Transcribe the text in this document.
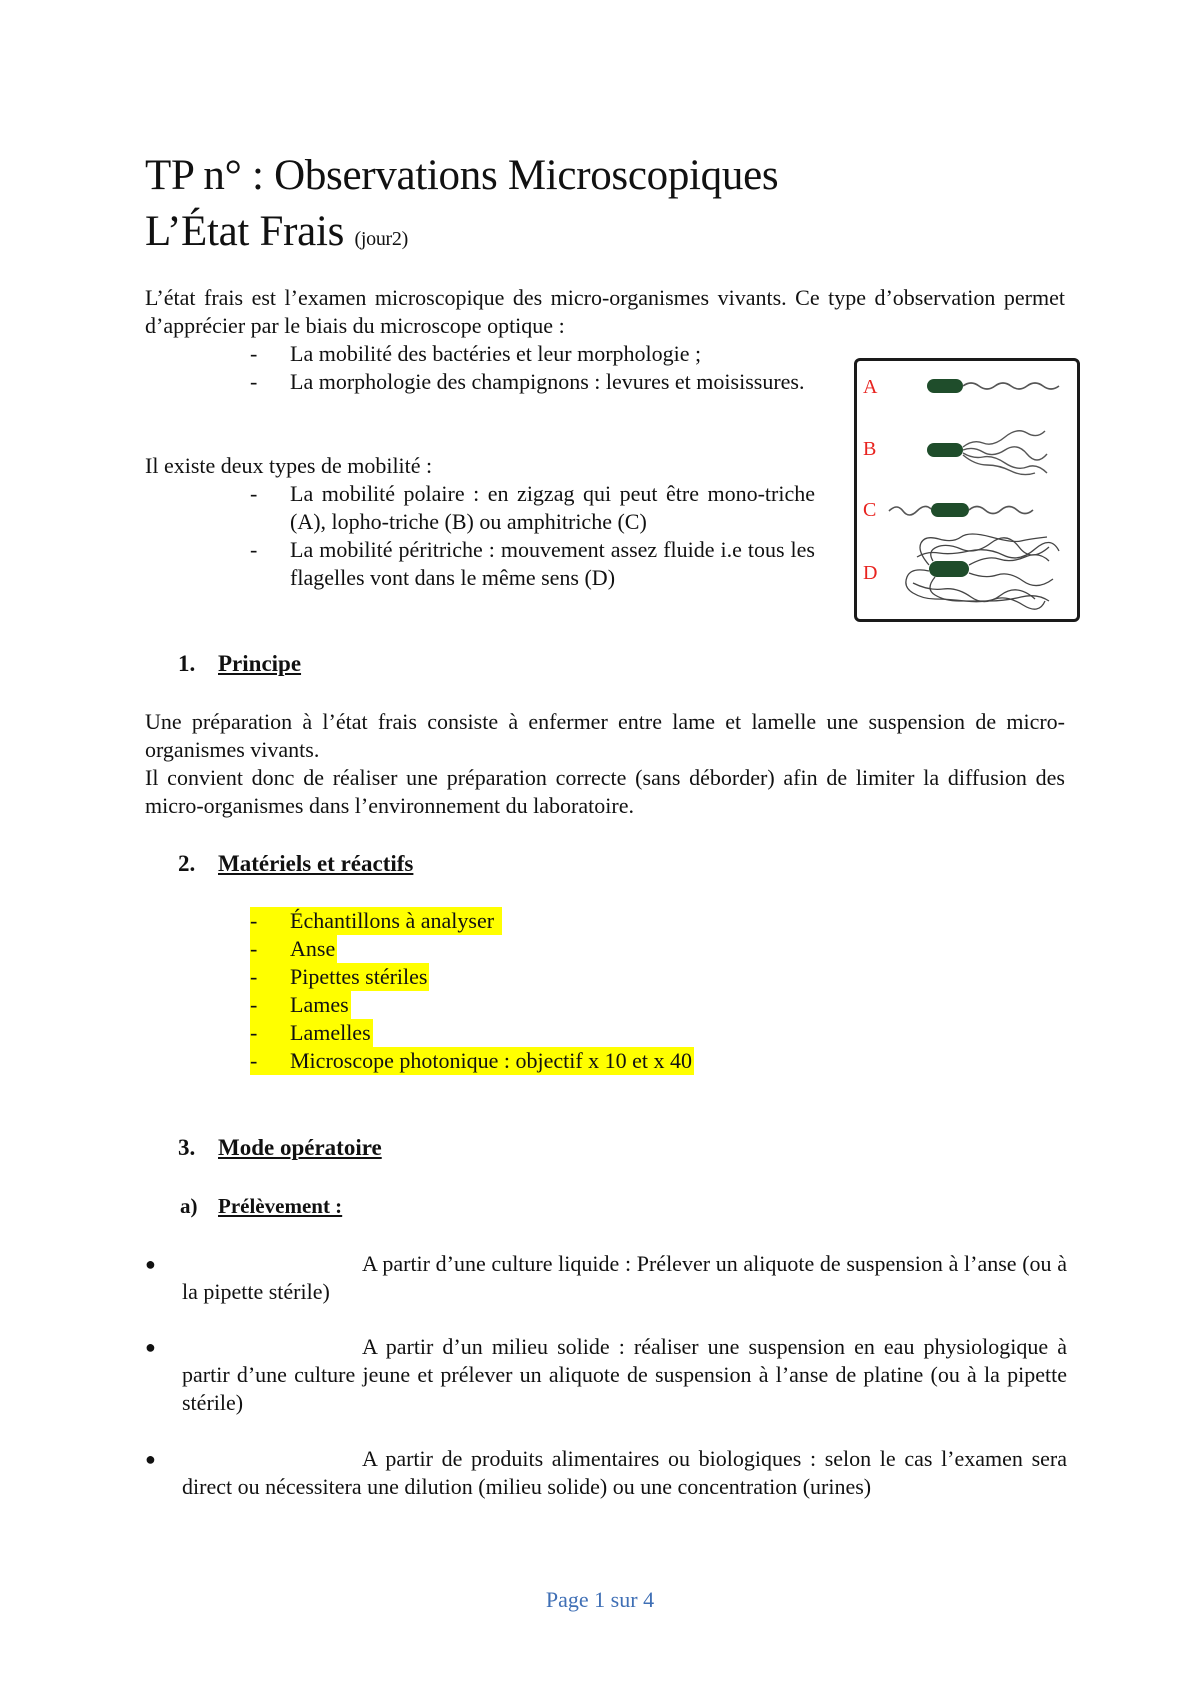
TP n° : Observations Microscopiques
L’État Frais (jour2)

L’état frais est l’examen microscopique des micro-organismes vivants. Ce type d’observation permet d’apprécier par le biais du microscope optique :

- La mobilité des bactéries et leur morphologie ;
- La morphologie des champignons : levures et moisissures.

Il existe deux types de mobilité :

- La mobilité polaire : en zigzag qui peut être mono-triche (A), lopho-triche (B) ou amphitriche (C)
- La mobilité péritriche : mouvement assez fluide i.e tous les flagelles vont dans le même sens (D)
A
B
C
D
1. Principe

Une préparation à l’état frais consiste à enfermer entre lame et lamelle une suspension de micro-organismes vivants.

Il convient donc de réaliser une préparation correcte (sans déborder) afin de limiter la diffusion des micro-organismes dans l’environnement du laboratoire.

2. Matériels et réactifs
- Échantillons à analyser
- Anse
- Pipettes stériles
- Lames
- Lamelles
- Microscope photonique : objectif x 10 et x 40
3. Mode opératoire
a) Prélèvement :
●	A partir d’une culture liquide : Prélever un aliquote de suspension à l’anse (ou à la pipette stérile)

●	A partir d’un milieu solide : réaliser une suspension en eau physiologique à partir d’une culture jeune et prélever un aliquote de suspension à l’anse de platine (ou à la pipette stérile)

●	A partir de produits alimentaires ou biologiques : selon le cas l’examen sera direct ou nécessitera une dilution (milieu solide) ou une concentration (urines)

Page 1 sur 4
